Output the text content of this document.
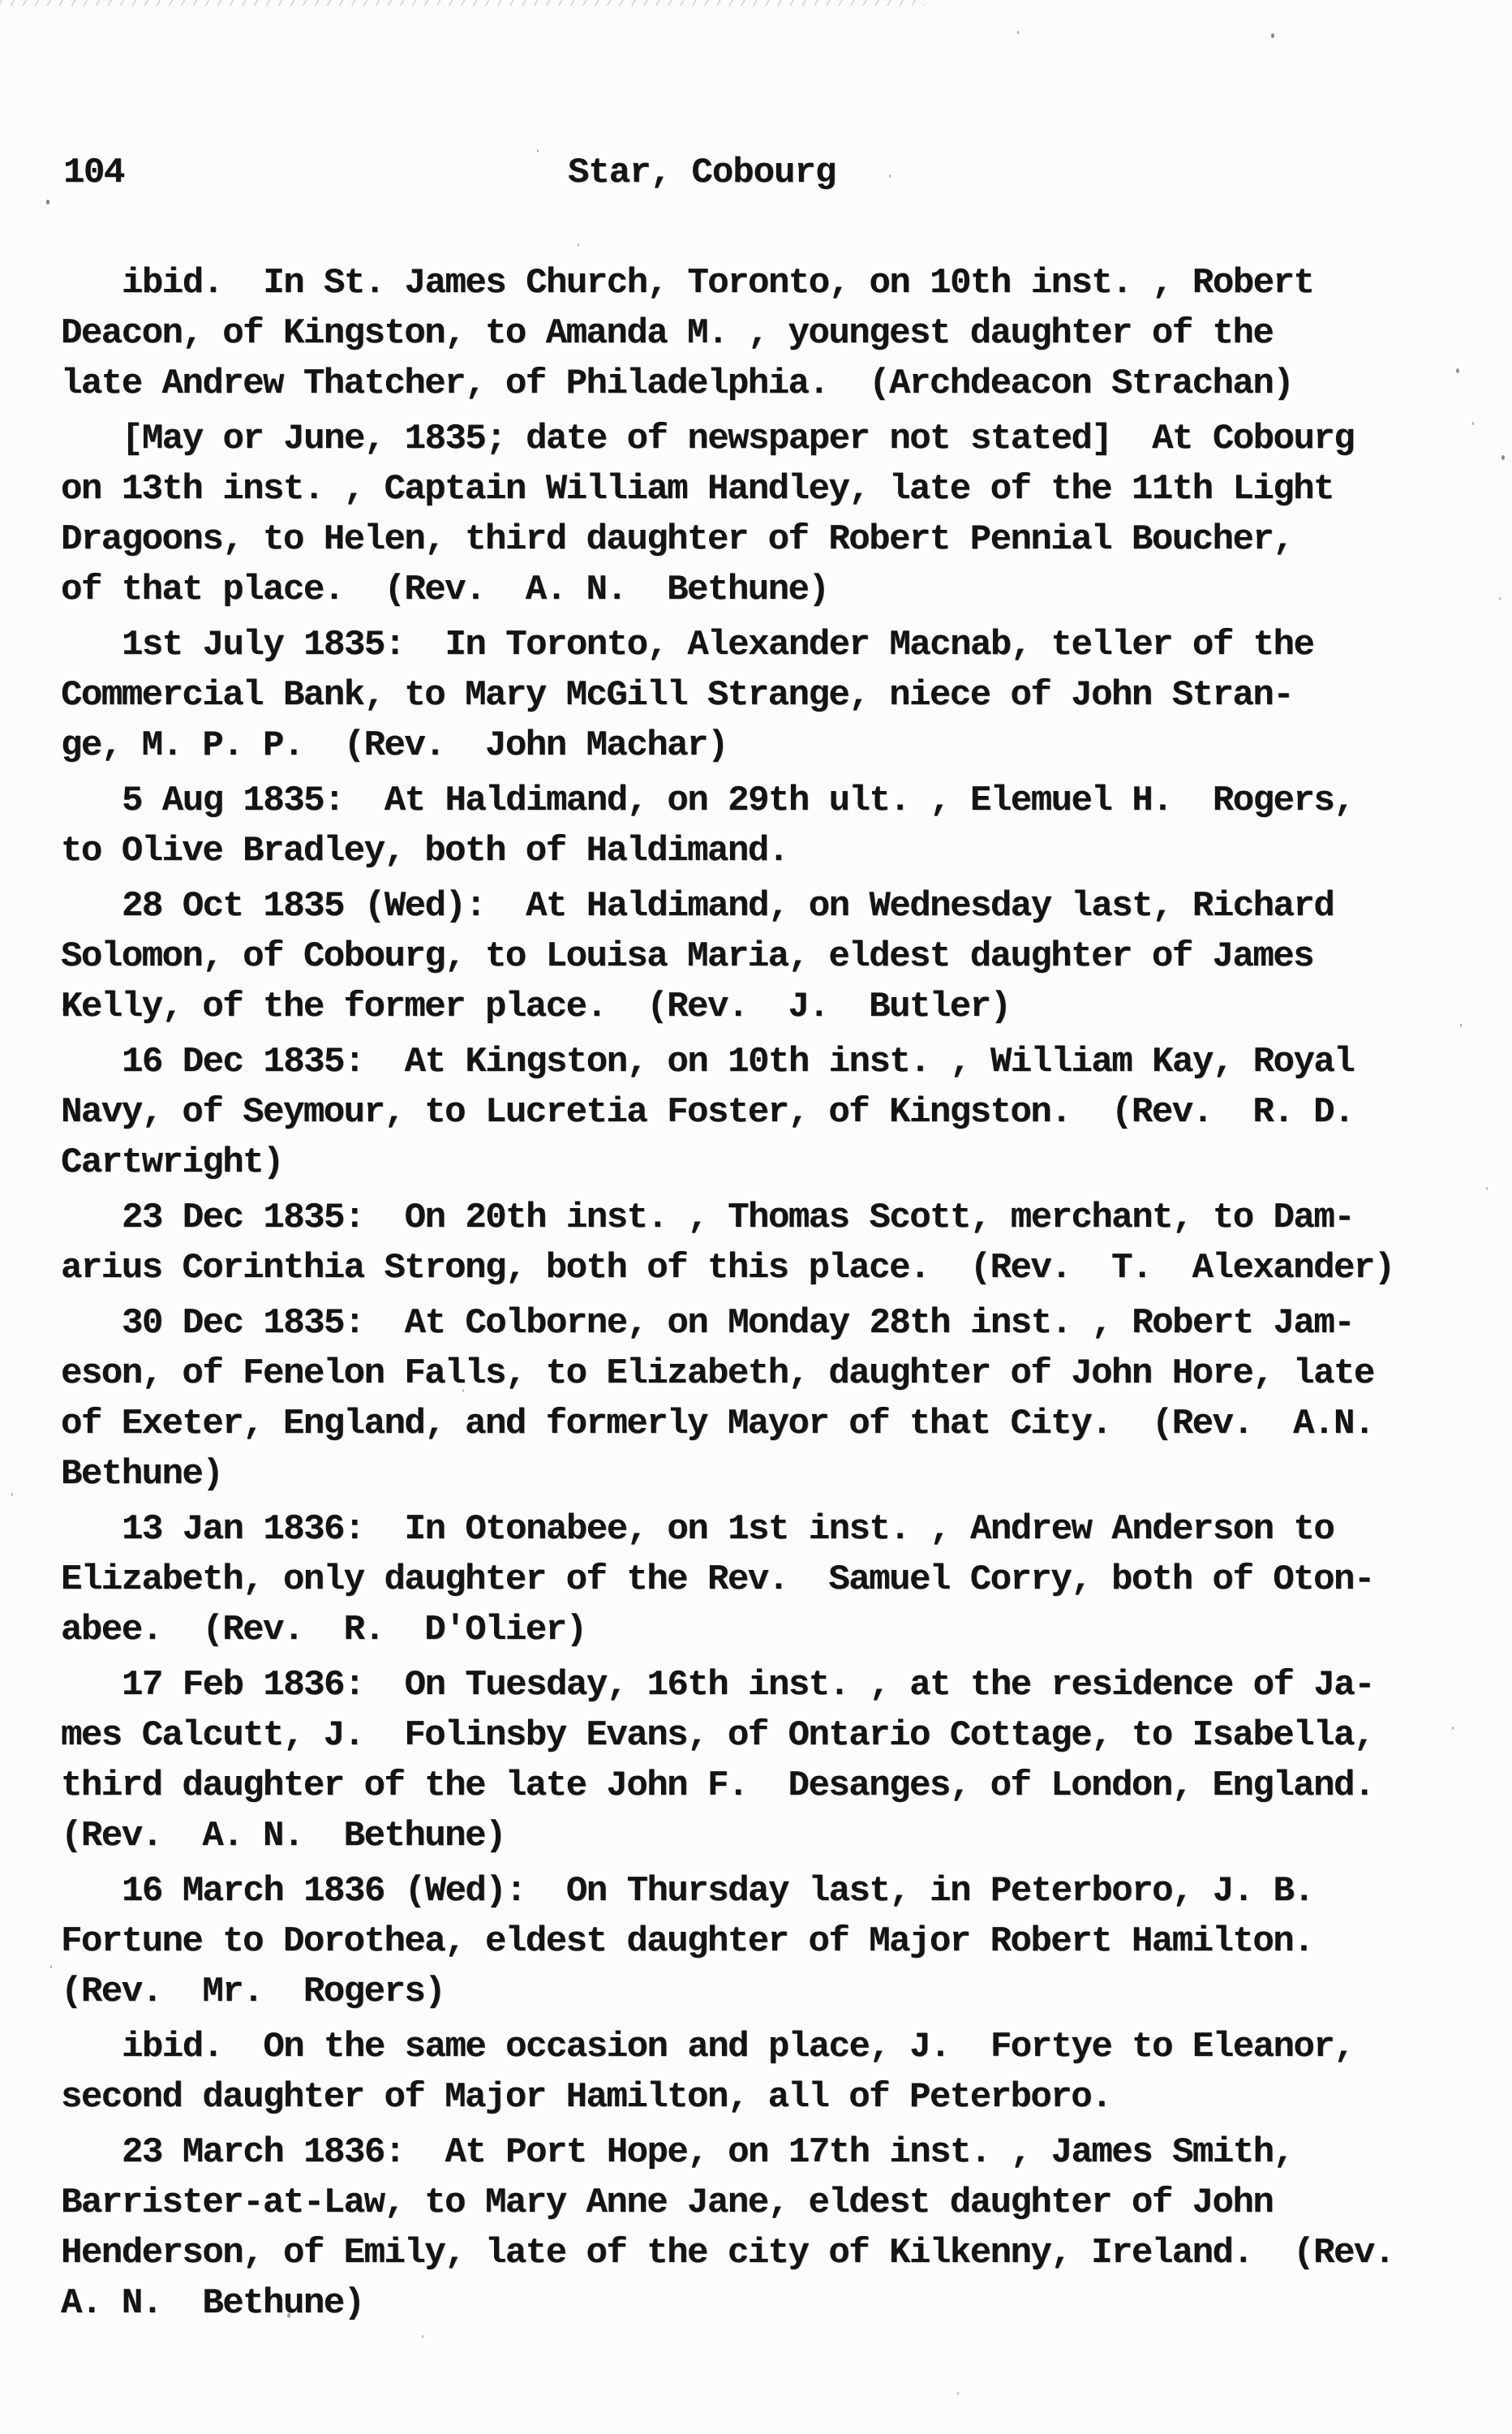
104	Star, Cobourg

ibid.  In St. James Church, Toronto, on 10th inst. , Robert
Deacon, of Kingston, to Amanda M. , youngest daughter of the
late Andrew Thatcher, of Philadelphia.  (Archdeacon Strachan)

[May or June, 1835; date of newspaper not stated]  At Cobourg
on 13th inst. , Captain William Handley, late of the 11th Light
Dragoons, to Helen, third daughter of Robert Pennial Boucher,
of that place.  (Rev.  A. N.  Bethune)

1st July 1835:  In Toronto, Alexander Macnab, teller of the
Commercial Bank, to Mary McGill Strange, niece of John Stran-
ge, M. P. P.  (Rev.  John Machar)

5 Aug 1835:  At Haldimand, on 29th ult. , Elemuel H.  Rogers,
to Olive Bradley, both of Haldimand.

28 Oct 1835 (Wed):  At Haldimand, on Wednesday last, Richard
Solomon, of Cobourg, to Louisa Maria, eldest daughter of James
Kelly, of the former place.  (Rev.  J.  Butler)

16 Dec 1835:  At Kingston, on 10th inst. , William Kay, Royal
Navy, of Seymour, to Lucretia Foster, of Kingston.  (Rev.  R. D.
Cartwright)

23 Dec 1835:  On 20th inst. , Thomas Scott, merchant, to Dam-
arius Corinthia Strong, both of this place.  (Rev.  T.  Alexander)

30 Dec 1835:  At Colborne, on Monday 28th inst. , Robert Jam-
eson, of Fenelon Falls, to Elizabeth, daughter of John Hore, late
of Exeter, England, and formerly Mayor of that City.  (Rev.  A.N.
Bethune)

13 Jan 1836:  In Otonabee, on 1st inst. , Andrew Anderson to
Elizabeth, only daughter of the Rev.  Samuel Corry, both of Oton-
abee.  (Rev.  R.  D'Olier)

17 Feb 1836:  On Tuesday, 16th inst. , at the residence of Ja-
mes Calcutt, J.  Folinsby Evans, of Ontario Cottage, to Isabella,
third daughter of the late John F.  Desanges, of London, England.
(Rev.  A. N.  Bethune)

16 March 1836 (Wed):  On Thursday last, in Peterboro, J. B.
Fortune to Dorothea, eldest daughter of Major Robert Hamilton.
(Rev.  Mr.  Rogers)

ibid.  On the same occasion and place, J.  Fortye to Eleanor,
second daughter of Major Hamilton, all of Peterboro.

23 March 1836:  At Port Hope, on 17th inst. , James Smith,
Barrister-at-Law, to Mary Anne Jane, eldest daughter of John
Henderson, of Emily, late of the city of Kilkenny, Ireland.  (Rev.
A. N.  Bethune)
